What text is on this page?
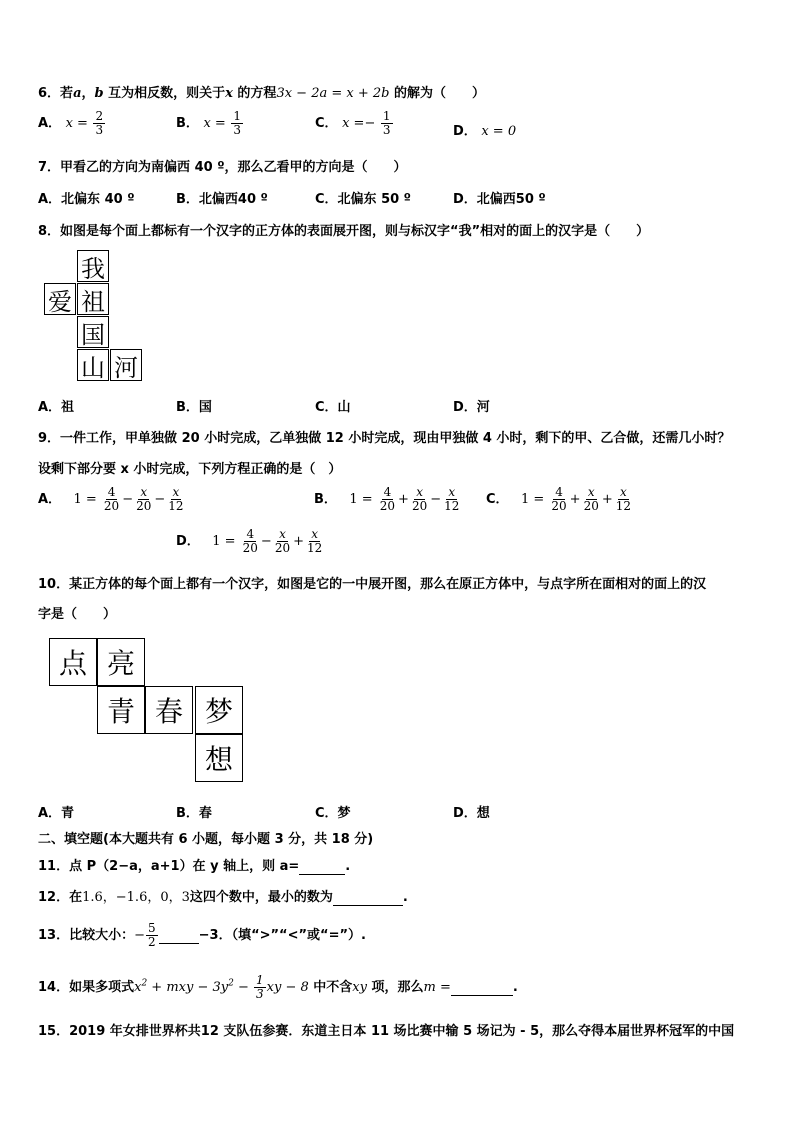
6．若a，b 互为相反数，则关于x 的方程3x − 2a = x + 2b 的解为（　　）
A． $x = \frac{2}{3}$	B． $x = \frac{1}{3}$	C． $x =- \frac{1}{3}$	D． x = 0
7．甲看乙的方向为南偏西 40 º，那么乙看甲的方向是（　　）
A．北偏东 40 º	B．北偏西40 º	C．北偏东 50 º	D．北偏西50 º
8．如图是每个面上都标有一个汉字的正方体的表面展开图，则与标汉字“我”相对的面上的汉字是（　　）
我
爱 祖
国
山 河
A．祖	B．国	C．山	D．河
9．一件工作，甲单独做 20 小时完成，乙单独做 12 小时完成，现由甲独做 4 小时，剩下的甲、乙合做，还需几小时？
设剩下部分要 x 小时完成，下列方程正确的是（　）
A． $1 = \frac{4}{20} - \frac{x}{20} - \frac{x}{12}$	B． $1 = \frac{4}{20} + \frac{x}{20} - \frac{x}{12}$ C． $1 = \frac{4}{20} + \frac{x}{20} + \frac{x}{12}$
D． $1 = \frac{4}{20} - \frac{x}{20} + \frac{x}{12}$
10．某正方体的每个面上都有一个汉字，如图是它的一中展开图，那么在原正方体中，与点字所在面相对的面上的汉
字是（　　）
点 亮
青 春 梦
想
A．青	B．春	C．梦	D．想
二、填空题(本大题共有 6 小题，每小题 3 分，共 18 分)
11．点 P（2−a，a+1）在 y 轴上，则 a=	.
12．在1.6，−1.6，0，3这四个数中，最小的数为	.
13．比较大小：− $\frac{5}{2}$	−3．（填“>”“<”或“=”）.
14．如果多项式$x^2$ + mxy − $3y^2 - \frac{1}{3}$ xy − 8 中不含xy 项，那么m =	.
15．2019 年女排世界杯共12 支队伍参赛．东道主日本 11 场比赛中输 5 场记为 - 5，那么夺得本届世界杯冠军的中国
